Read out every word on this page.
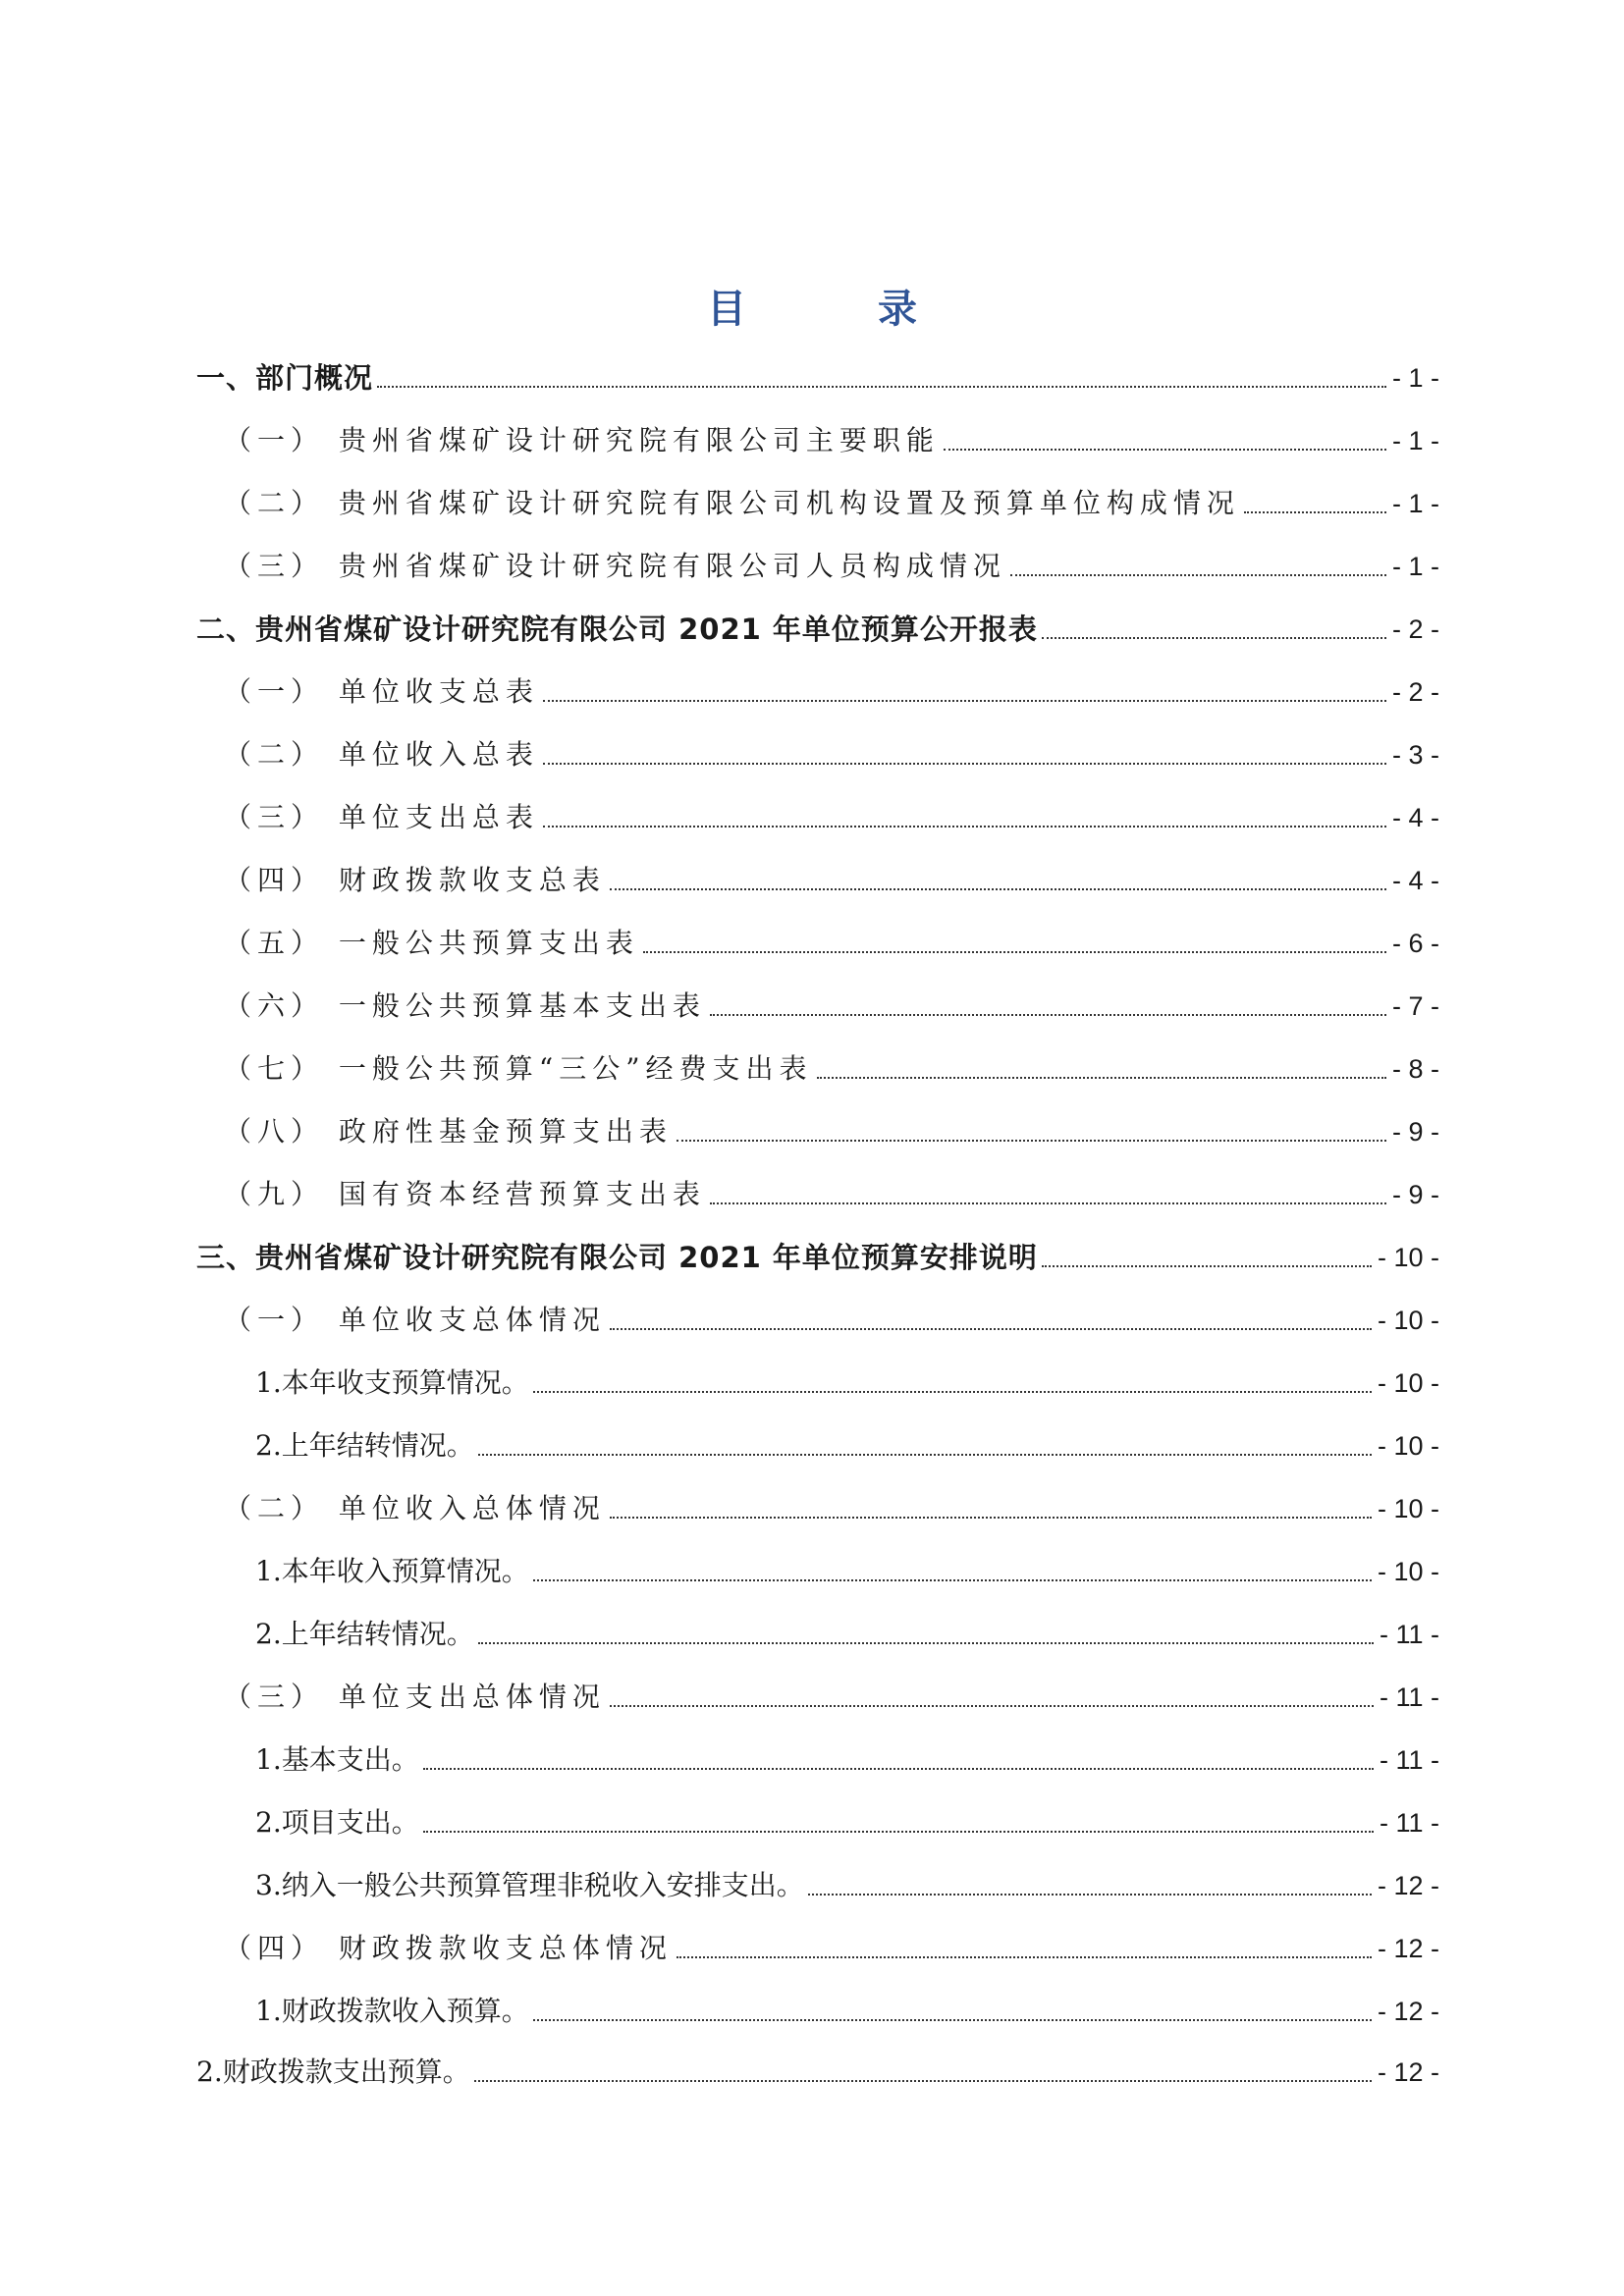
目 录
一、部门概况	- 1 -
（一） 贵州省煤矿设计研究院有限公司主要职能	- 1 -
（二） 贵州省煤矿设计研究院有限公司机构设置及预算单位构成情况	- 1 -
（三） 贵州省煤矿设计研究院有限公司人员构成情况	- 1 -
二、贵州省煤矿设计研究院有限公司 2021 年单位预算公开报表	- 2 -
（一） 单位收支总表	- 2 -
（二） 单位收入总表	- 3 -
（三） 单位支出总表	- 4 -
（四） 财政拨款收支总表	- 4 -
（五） 一般公共预算支出表	- 6 -
（六） 一般公共预算基本支出表	- 7 -
（七） 一般公共预算“三公”经费支出表	- 8 -
（八） 政府性基金预算支出表	- 9 -
（九） 国有资本经营预算支出表	- 9 -
三、贵州省煤矿设计研究院有限公司 2021 年单位预算安排说明	- 10 -
（一） 单位收支总体情况	- 10 -
1.本年收支预算情况。	- 10 -
2.上年结转情况。	- 10 -
（二） 单位收入总体情况	- 10 -
1.本年收入预算情况。	- 10 -
2.上年结转情况。	- 11 -
（三） 单位支出总体情况	- 11 -
1.基本支出。	- 11 -
2.项目支出。	- 11 -
3.纳入一般公共预算管理非税收入安排支出。	- 12 -
（四） 财政拨款收支总体情况	- 12 -
1.财政拨款收入预算。	- 12 -
2.财政拨款支出预算。	- 12 -
